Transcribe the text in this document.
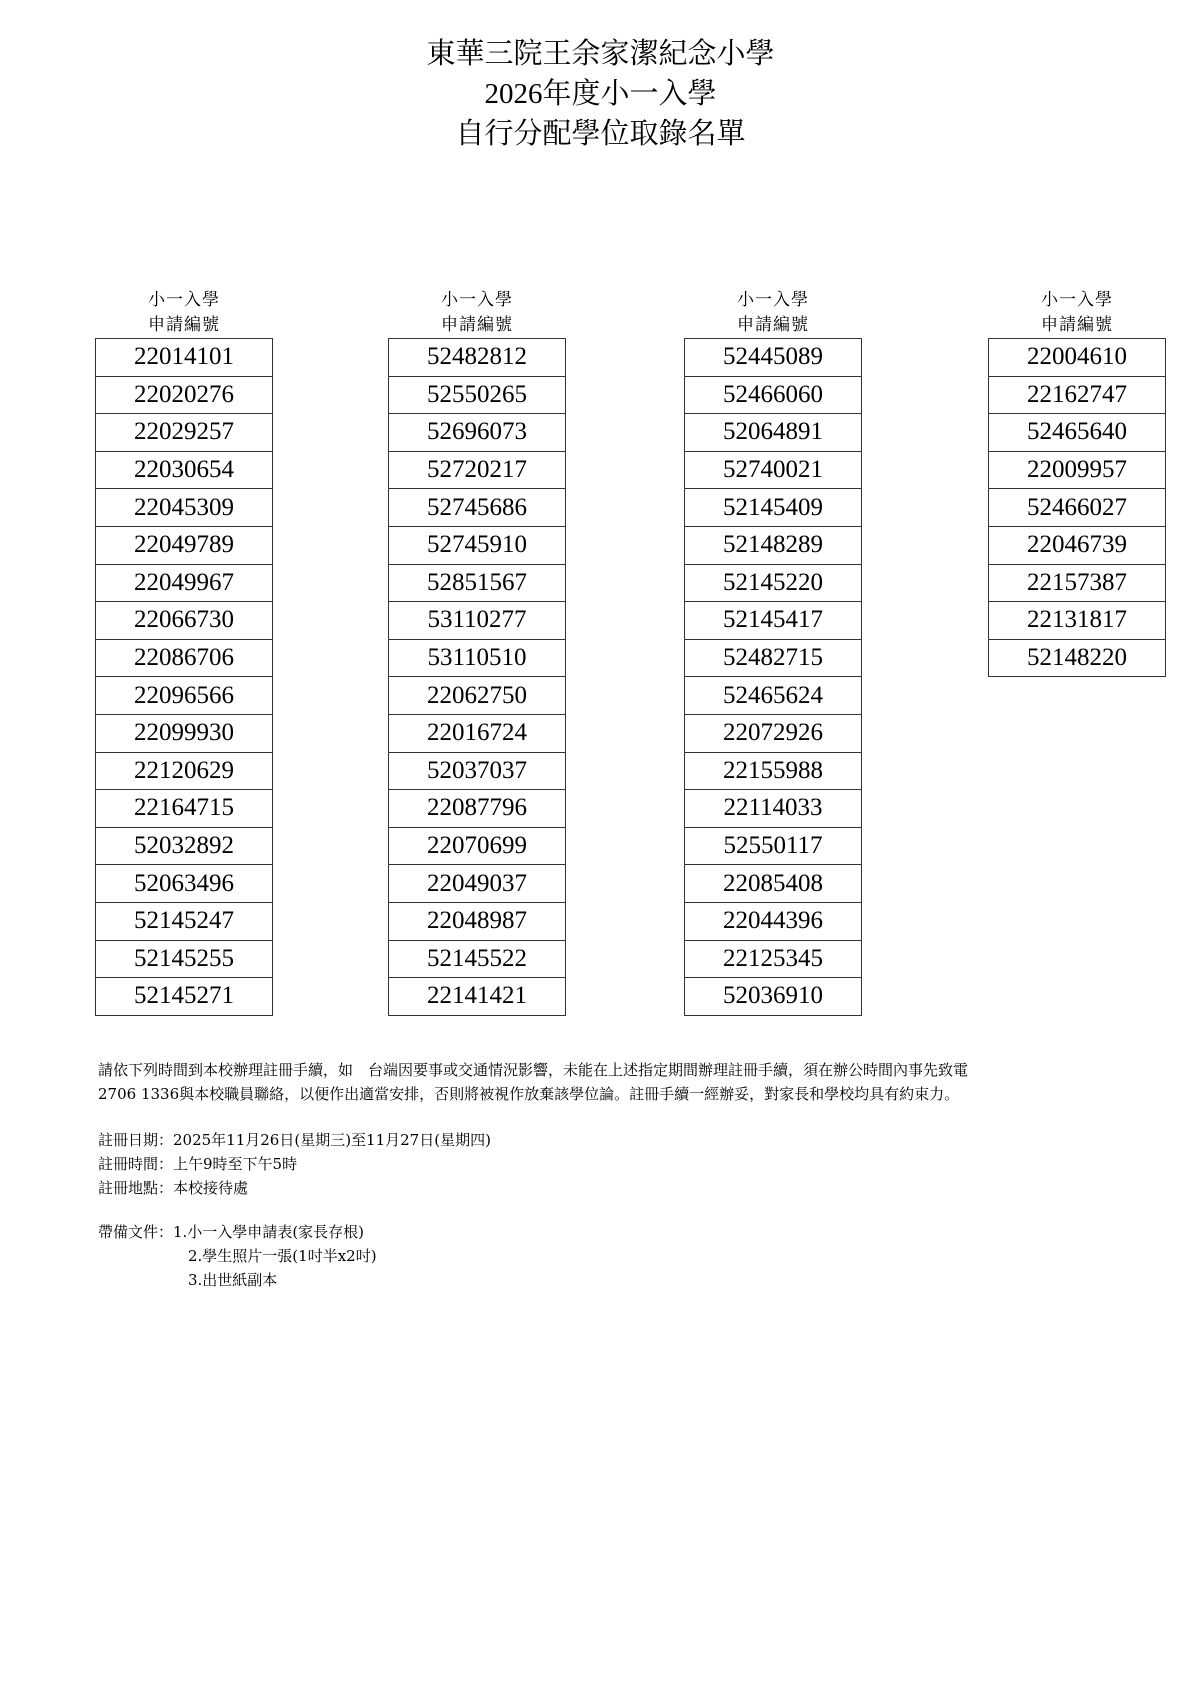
東華三院王余家潔紀念小學
2026年度小一入學
自行分配學位取錄名單
小一入學
申請編號
22014101
22020276
22029257
22030654
22045309
22049789
22049967
22066730
22086706
22096566
22099930
22120629
22164715
52032892
52063496
52145247
52145255
52145271
小一入學
申請編號
52482812
52550265
52696073
52720217
52745686
52745910
52851567
53110277
53110510
22062750
22016724
52037037
22087796
22070699
22049037
22048987
52145522
22141421
小一入學
申請編號
52445089
52466060
52064891
52740021
52145409
52148289
52145220
52145417
52482715
52465624
22072926
22155988
22114033
52550117
22085408
22044396
22125345
52036910
小一入學
申請編號
22004610
22162747
52465640
22009957
52466027
22046739
22157387
22131817
52148220
請依下列時間到本校辦理註冊手續，如　台端因要事或交通情況影響，未能在上述指定期間辦理註冊手續，須在辦公時間內事先致電
2706 1336與本校職員聯絡，以便作出適當安排，否則將被視作放棄該學位論。註冊手續一經辦妥，對家長和學校均具有約束力。
註冊日期：2025年11月26日(星期三)至11月27日(星期四)
註冊時間：上午9時至下午5時
註冊地點：本校接待處
帶備文件：1.小一入學申請表(家長存根)
2.學生照片一張(1吋半x2吋)
3.出世紙副本
